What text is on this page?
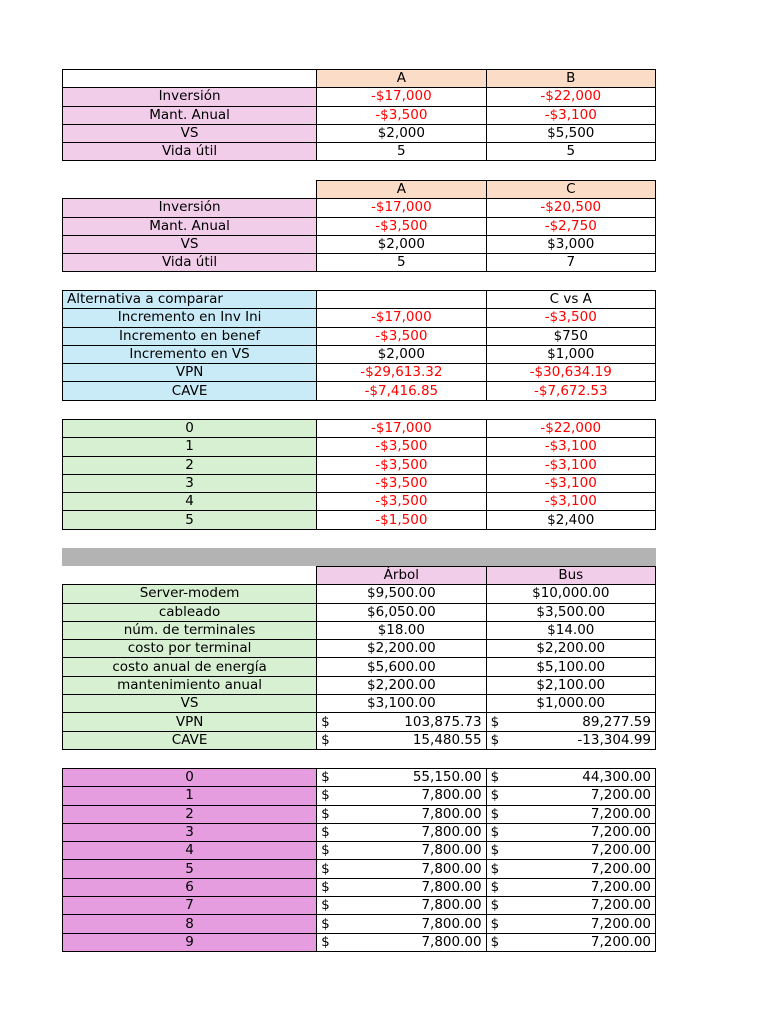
	A	B
Inversión	-$17,000	-$22,000
Mant. Anual	-$3,500	-$3,100
VS	$2,000	$5,500
Vida útil	5	5
	A	C
Inversión	-$17,000	-$20,500
Mant. Anual	-$3,500	-$2,750
VS	$2,000	$3,000
Vida útil	5	7
Alternativa a comparar		C vs A
Incremento en Inv Ini	-$17,000	-$3,500
Incremento en benef	-$3,500	$750
Incremento en VS	$2,000	$1,000
VPN	-$29,613.32	-$30,634.19
CAVE	-$7,416.85	-$7,672.53
0	-$17,000	-$22,000
1	-$3,500	-$3,100
2	-$3,500	-$3,100
3	-$3,500	-$3,100
4	-$3,500	-$3,100
5	-$1,500	$2,400
	Árbol	Bus
Server-modem	$9,500.00	$10,000.00
cableado	$6,050.00	$3,500.00
núm. de terminales	$18.00	$14.00
costo por terminal	$2,200.00	$2,200.00
costo anual de energía	$5,600.00	$5,100.00
mantenimiento anual	$2,200.00	$2,100.00
VS	$3,100.00	$1,000.00
VPN	$ 103,875.73	$ 89,277.59

CAVE	$ 15,480.55	$ -13,304.99
0	$ 55,150.00	$ 44,300.00

1	$ 7,800.00	$ 7,200.00

2	$ 7,800.00	$ 7,200.00

3	$ 7,800.00	$ 7,200.00

4	$ 7,800.00	$ 7,200.00

5	$ 7,800.00	$ 7,200.00

6	$ 7,800.00	$ 7,200.00

7	$ 7,800.00	$ 7,200.00

8	$ 7,800.00	$ 7,200.00

9	$ 7,800.00	$ 7,200.00
